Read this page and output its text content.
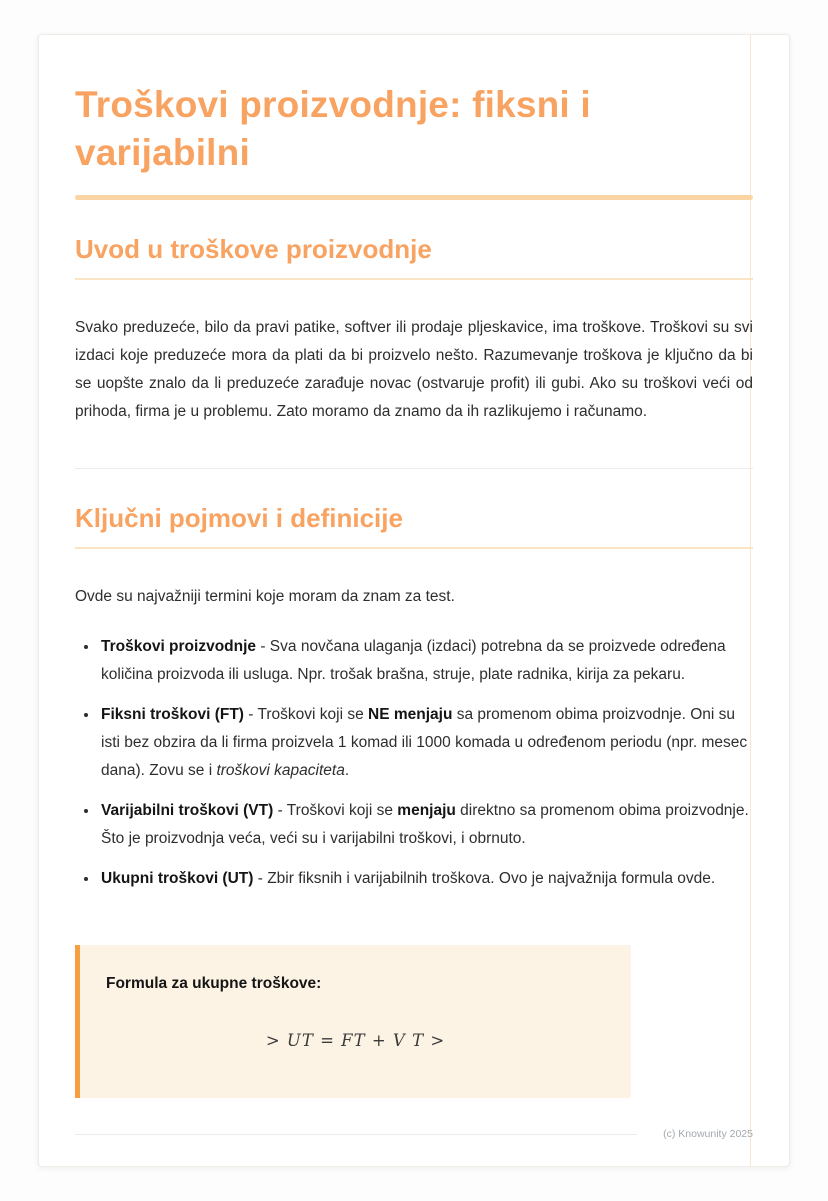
Troškovi proizvodnje: fiksni i varijabilni
Uvod u troškove proizvodnje

Svako preduzeće, bilo da pravi patike, softver ili prodaje pljeskavice, ima troškove. Troškovi su svi izdaci koje preduzeće mora da plati da bi proizvelo nešto. Razumevanje troškova je ključno da bi se uopšte znalo da li preduzeće zarađuje novac (ostvaruje profit) ili gubi. Ako su troškovi veći od prihoda, firma je u problemu. Zato moramo da znamo da ih razlikujemo i računamo.

Ključni pojmovi i definicije

Ovde su najvažniji termini koje moram da znam za test.

• Troškovi proizvodnje - Sva novčana ulaganja (izdaci) potrebna da se proizvede određena količina proizvoda ili usluga. Npr. trošak brašna, struje, plate radnika, kirija za pekaru.
• Fiksni troškovi (FT) - Troškovi koji se NE menjaju sa promenom obima proizvodnje. Oni su isti bez obzira da li firma proizvela 1 komad ili 1000 komada u određenom periodu (npr. mesec dana). Zovu se i troškovi kapaciteta.
• Varijabilni troškovi (VT) - Troškovi koji se menjaju direktno sa promenom obima proizvodnje. Što je proizvodnja veća, veći su i varijabilni troškovi, i obrnuto.
• Ukupni troškovi (UT) - Zbir fiksnih i varijabilnih troškova. Ovo je najvažnija formula ovde.
Formula za ukupne troškove:
> UT = FT + V T >
(c) Knowunity 2025
